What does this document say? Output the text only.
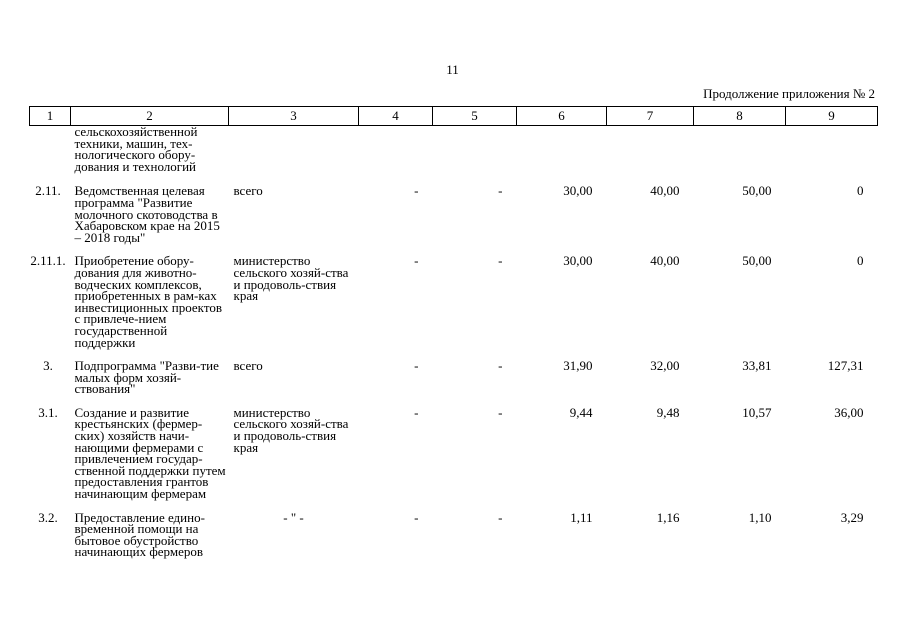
11
Продолжение приложения № 2
1	2	3	4	5	6	7	8	9
	сельскохозяйственной техники, машин, тех-нологического обору-дования и технологий							
2.11.	Ведомственная целевая программа "Развитие молочного скотоводства в Хабаровском крае на 2015 – 2018 годы"	всего	-	-	30,00	40,00	50,00	0
2.11.1.	Приобретение обору-дования для животно-водческих комплексов, приобретенных в рам-ках инвестиционных проектов с привлече-нием государственной поддержки	министерство сельского хозяй-ства и продоволь-ствия края	-	-	30,00	40,00	50,00	0
3.	Подпрограмма "Разви-тие малых форм хозяй-ствования"	всего	-	-	31,90	32,00	33,81	127,31
3.1.	Создание и развитие крестьянских (фермер-ских) хозяйств начи-нающими фермерами с привлечением государ-ственной поддержки путем предоставления грантов начинающим фермерам	министерство сельского хозяй-ства и продоволь-ствия края	-	-	9,44	9,48	10,57	36,00
3.2.	Предоставление едино-временной помощи на бытовое обустройство начинающих фермеров	- " -	-	-	1,11	1,16	1,10	3,29
